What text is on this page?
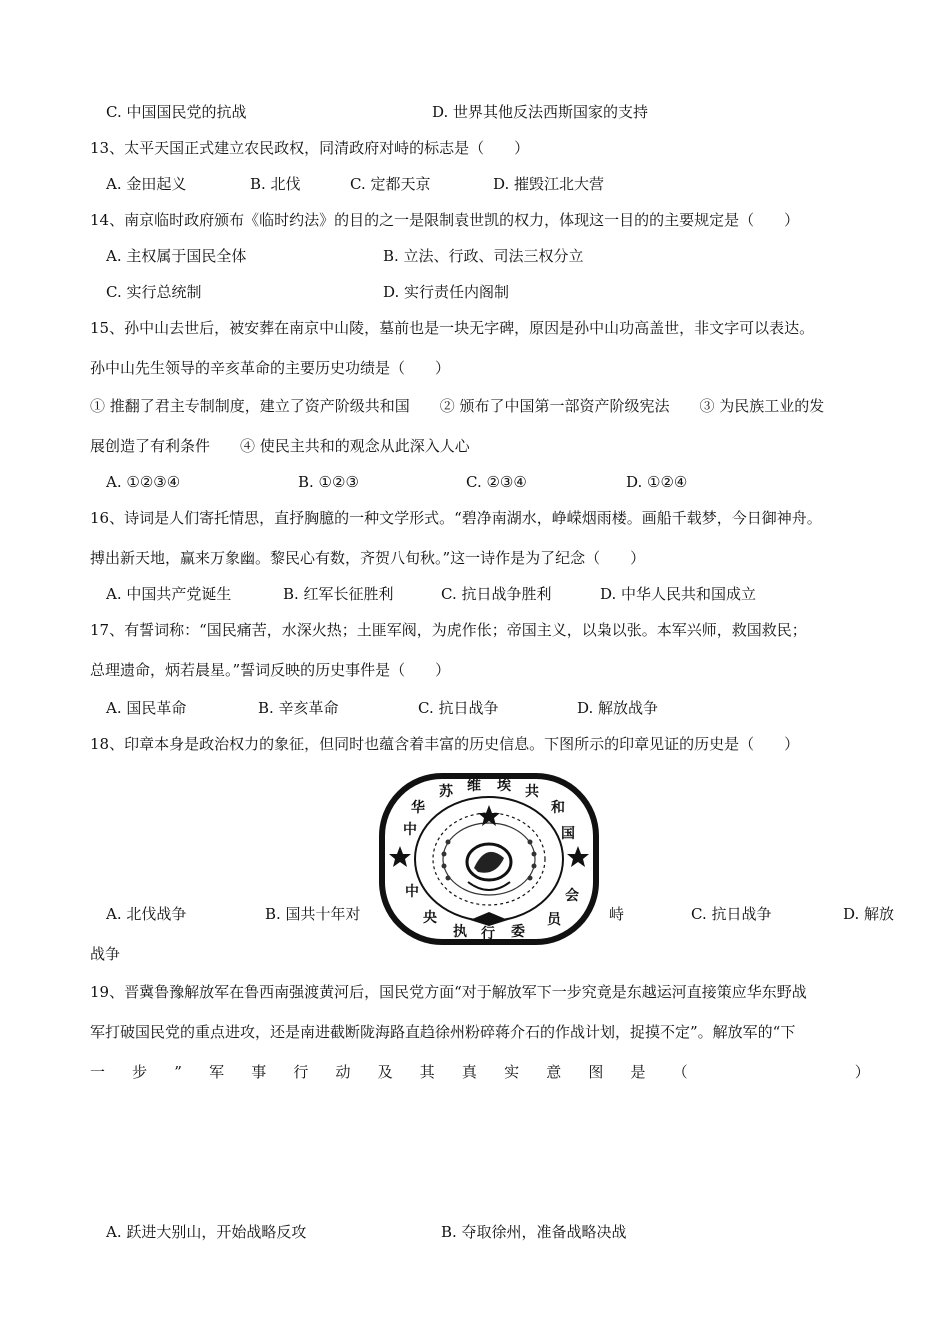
C. 中国国民党的抗战	D. 世界其他反法西斯国家的支持
13、太平天国正式建立农民政权，同清政府对峙的标志是（　　）
A. 金田起义	B. 北伐	C. 定都天京	D. 摧毁江北大营
14、南京临时政府颁布《临时约法》的目的之一是限制袁世凯的权力，体现这一目的的主要规定是（　　）
A. 主权属于国民全体	B. 立法、行政、司法三权分立
C. 实行总统制	D. 实行责任内阁制
15、孙中山去世后，被安葬在南京中山陵，墓前也是一块无字碑，原因是孙中山功高盖世，非文字可以表达。
孙中山先生领导的辛亥革命的主要历史功绩是（　　）
① 推翻了君主专制制度，建立了资产阶级共和国　　② 颁布了中国第一部资产阶级宪法　　③ 为民族工业的发
展创造了有利条件　　④ 使民主共和的观念从此深入人心
A. ①②③④	B. ①②③	C. ②③④	D. ①②④
16、诗词是人们寄托情思，直抒胸臆的一种文学形式。“碧净南湖水，峥嵘烟雨楼。画船千载梦，今日御神舟。
搏出新天地，赢来万象幽。黎民心有数，齐贺八旬秋。”这一诗作是为了纪念（　　）
A. 中国共产党诞生	B. 红军长征胜利	C. 抗日战争胜利	D. 中华人民共和国成立
17、有誓词称：“国民痛苦，水深火热；土匪军阀，为虎作伥；帝国主义，以枭以张。本军兴师，救国救民；
总理遗命，炳若晨星。”誓词反映的历史事件是（　　）
A. 国民革命	B. 辛亥革命	C. 抗日战争	D. 解放战争
18、印章本身是政治权力的象征，但同时也蕴含着丰富的历史信息。下图所示的印章见证的历史是（　　）
华
苏 维 埃 共
和
国
会
员
中
中
央
执 行 委
A. 北伐战争	B. 国共十年对	峙	C. 抗日战争	D. 解放
战争
19、晋冀鲁豫解放军在鲁西南强渡黄河后，国民党方面“对于解放军下一步究竟是东越运河直接策应华东野战
军打破国民党的重点进攻，还是南进截断陇海路直趋徐州粉碎蒋介石的作战计划，捉摸不定”。解放军的“下
一 步 ” 军 事 行 动 及 其 真 实 意 图 是 （	）
A. 跃进大别山，开始战略反攻	B. 夺取徐州，准备战略决战
